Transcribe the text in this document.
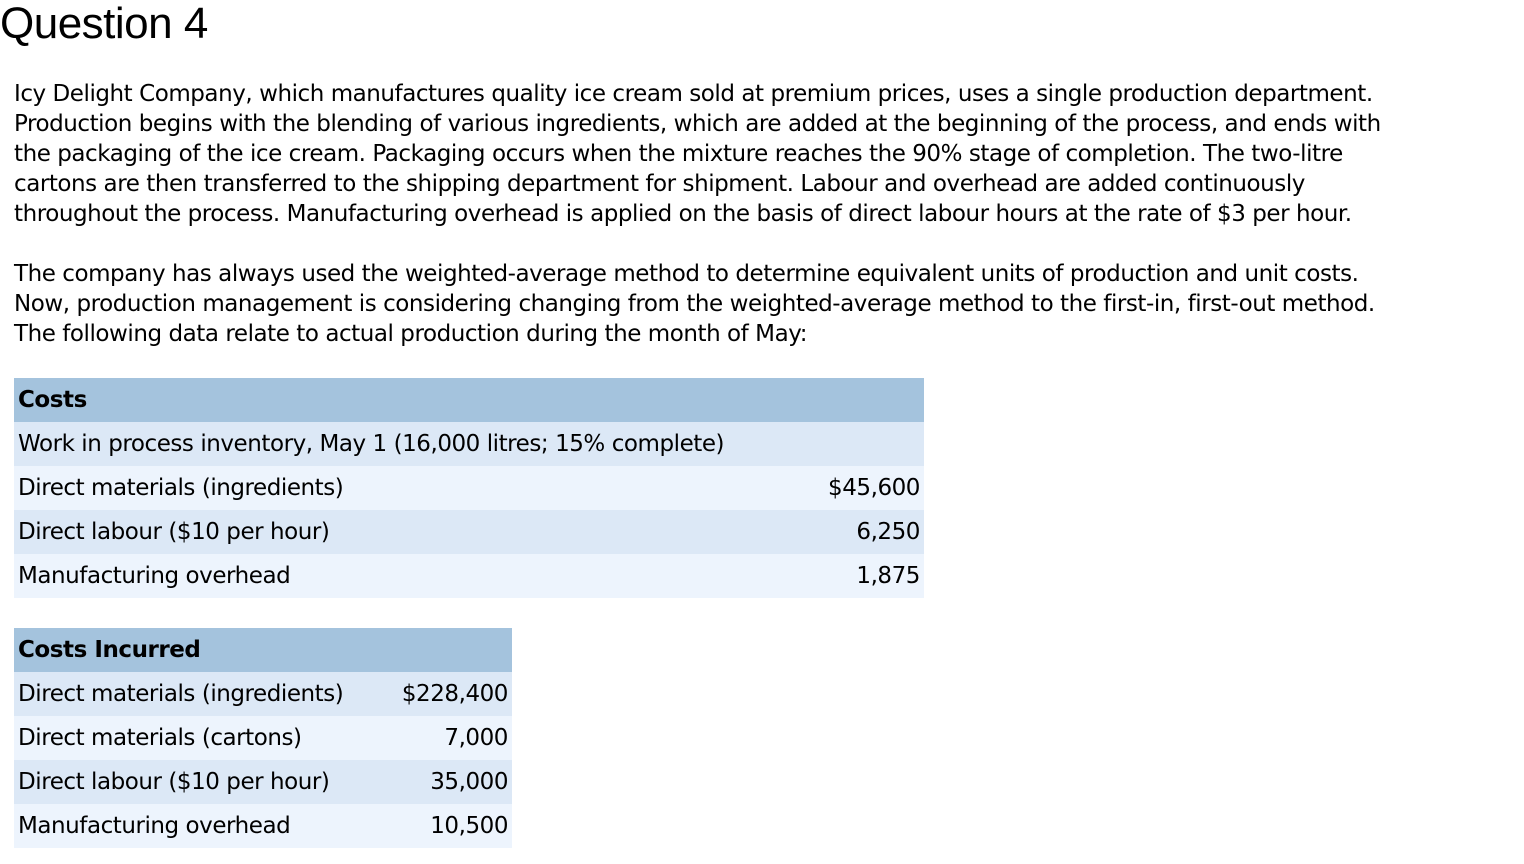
Question 4

Icy Delight Company, which manufactures quality ice cream sold at premium prices, uses a single production department.
Production begins with the blending of various ingredients, which are added at the beginning of the process, and ends with
the packaging of the ice cream. Packaging occurs when the mixture reaches the 90% stage of completion. The two-litre
cartons are then transferred to the shipping department for shipment. Labour and overhead are added continuously
throughout the process. Manufacturing overhead is applied on the basis of direct labour hours at the rate of $3 per hour.

The company has always used the weighted-average method to determine equivalent units of production and unit costs.
Now, production management is considering changing from the weighted-average method to the first-in, first-out method.
The following data relate to actual production during the month of May:

Costs	
Work in process inventory, May 1 (16,000 litres; 15% complete)	
Direct materials (ingredients)	$45,600
Direct labour ($10 per hour)	6,250
Manufacturing overhead	1,875
Costs Incurred	
Direct materials (ingredients)	$228,400
Direct materials (cartons)	7,000
Direct labour ($10 per hour)	35,000
Manufacturing overhead	10,500
